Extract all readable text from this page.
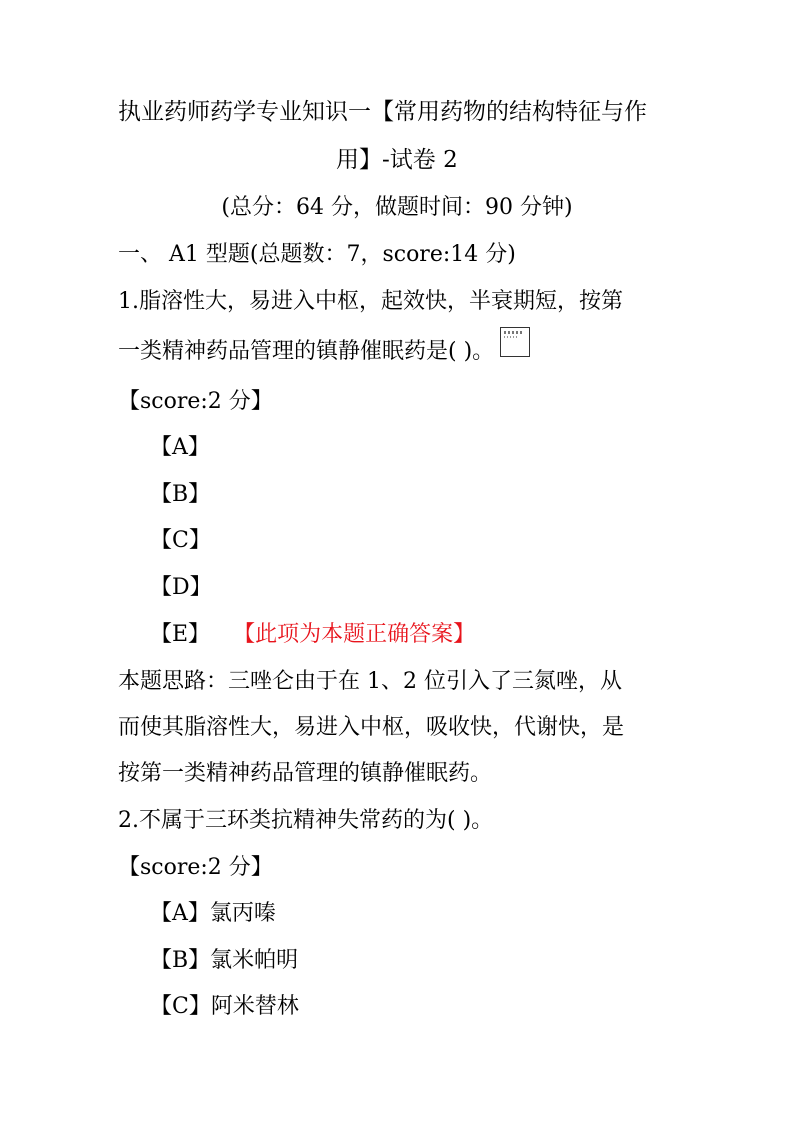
执业药师药学专业知识一【常用药物的结构特征与作
用】-试卷 2
(总分：64 分，做题时间：90 分钟)
一、 A1 型题(总题数：7，score:14 分)
1.脂溶性大，易进入中枢，起效快，半衰期短，按第
一类精神药品管理的镇静催眠药是( )。
【score:2 分】
【A】
【B】
【C】
【D】
【E】 【此项为本题正确答案】
本题思路：三唑仑由于在 1、2 位引入了三氮唑，从
而使其脂溶性大，易进入中枢，吸收快，代谢快，是
按第一类精神药品管理的镇静催眠药。
2.不属于三环类抗精神失常药的为( )。
【score:2 分】
【A】氯丙嗪
【B】氯米帕明
【C】阿米替林
